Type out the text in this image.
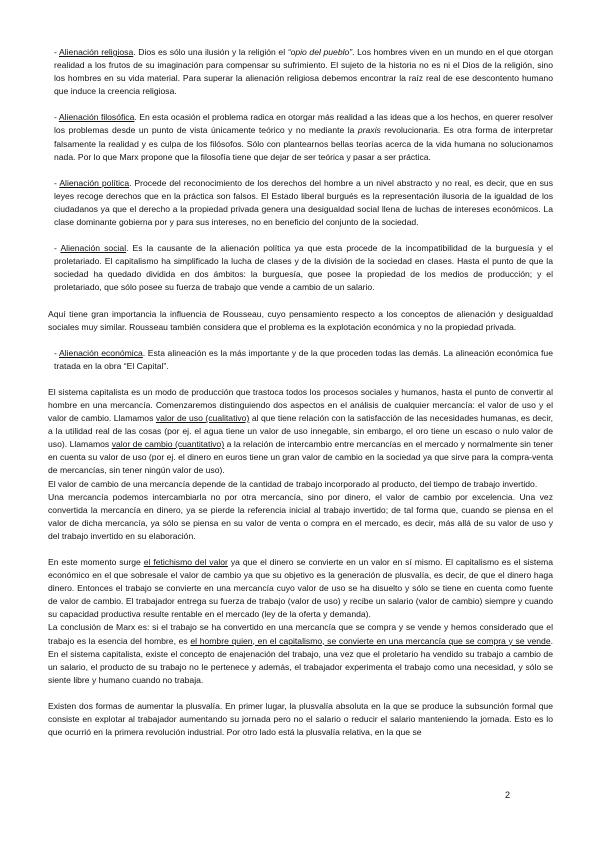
- Alienación religiosa. Dios es sólo una ilusión y la religión el “opio del pueblo”. Los hombres viven en un mundo en el que otorgan realidad a los frutos de su imaginación para compensar su sufrimiento. El sujeto de la historia no es ni el Dios de la religión, sino los hombres en su vida material. Para superar la alienación religiosa debemos encontrar la raíz real de ese descontento humano que induce la creencia religiosa.

- Alienación filosófica. En esta ocasión el problema radica en otorgar más realidad a las ideas que a los hechos, en querer resolver los problemas desde un punto de vista únicamente teórico y no mediante la praxis revolucionaria. Es otra forma de interpretar falsamente la realidad y es culpa de los filósofos. Sólo con plantearnos bellas teorías acerca de la vida humana no solucionamos nada. Por lo que Marx propone que la filosofía tiene que dejar de ser teórica y pasar a ser práctica.

- Alienación política. Procede del reconocimiento de los derechos del hombre a un nivel abstracto y no real, es decir, que en sus leyes recoge derechos que en la práctica son falsos. El Estado liberal burgués es la representación ilusoria de la igualdad de los ciudadanos ya que el derecho a la propiedad privada genera una desigualdad social llena de luchas de intereses económicos. La clase dominante gobierna por y para sus intereses, no en beneficio del conjunto de la sociedad.

- Alienación social. Es la causante de la alienación política ya que esta procede de la incompatibilidad de la burguesía y el proletariado. El capitalismo ha simplificado la lucha de clases y de la división de la sociedad en clases. Hasta el punto de que la sociedad ha quedado dividida en dos ámbitos: la burguesía, que posee la propiedad de los medios de producción; y el proletariado, que sólo posee su fuerza de trabajo que vende a cambio de un salario.

Aquí tiene gran importancia la influencia de Rousseau, cuyo pensamiento respecto a los conceptos de alienación y desigualdad sociales muy similar. Rousseau también considera que el problema es la explotación económica y no la propiedad privada.

- Alienación económica. Esta alineación es la más importante y de la que proceden todas las demás. La alineación económica fue tratada en la obra “El Capital”.

El sistema capitalista es un modo de producción que trastoca todos los procesos sociales y humanos, hasta el punto de convertir al hombre en una mercancía. Comenzaremos distinguiendo dos aspectos en el análisis de cualquier mercancía: el valor de uso y el valor de cambio. Llamamos valor de uso (cualitativo) al que tiene relación con la satisfacción de las necesidades humanas, es decir, a la utilidad real de las cosas (por ej. el agua tiene un valor de uso innegable, sin embargo, el oro tiene un escaso o nulo valor de uso). Llamamos valor de cambio (cuantitativo) a la relación de intercambio entre mercancías en el mercado y normalmente sin tener en cuenta su valor de uso (por ej. el dinero en euros tiene un gran valor de cambio en la sociedad ya que sirve para la compra-venta de mercancías, sin tener ningún valor de uso).

El valor de cambio de una mercancía depende de la cantidad de trabajo incorporado al producto, del tiempo de trabajo invertido.

Una mercancía podemos intercambiarla no por otra mercancía, sino por dinero, el valor de cambio por excelencia. Una vez convertida la mercancía en dinero, ya se pierde la referencia inicial al trabajo invertido; de tal forma que, cuando se piensa en el valor de dicha mercancía, ya sólo se piensa en su valor de venta o compra en el mercado, es decir, más allá de su valor de uso y del trabajo invertido en su elaboración.

En este momento surge el fetichismo del valor ya que el dinero se convierte en un valor en sí mismo. El capitalismo es el sistema económico en el que sobresale el valor de cambio ya que su objetivo es la generación de plusvalía, es decir, de que el dinero haga dinero. Entonces el trabajo se convierte en una mercancía cuyo valor de uso se ha disuelto y sólo se tiene en cuenta como fuente de valor de cambio. El trabajador entrega su fuerza de trabajo (valor de uso) y recibe un salario (valor de cambio) siempre y cuando su capacidad productiva resulte rentable en el mercado (ley de la oferta y demanda).

La conclusión de Marx es: si el trabajo se ha convertido en una mercancía que se compra y se vende y hemos considerado que el trabajo es la esencia del hombre, es el hombre quien, en el capitalismo, se convierte en una mercancía que se compra y se vende. En el sistema capitalista, existe el concepto de enajenación del trabajo, una vez que el proletario ha vendido su trabajo a cambio de un salario, el producto de su trabajo no le pertenece y además, el trabajador experimenta el trabajo como una necesidad, y sólo se siente libre y humano cuando no trabaja.

Existen dos formas de aumentar la plusvalía. En primer lugar, la plusvalía absoluta en la que se produce la subsunción formal que consiste en explotar al trabajador aumentando su jornada pero no el salario o reducir el salario manteniendo la jornada. Esto es lo que ocurrió en la primera revolución industrial. Por otro lado está la plusvalía relativa, en la que se

2
